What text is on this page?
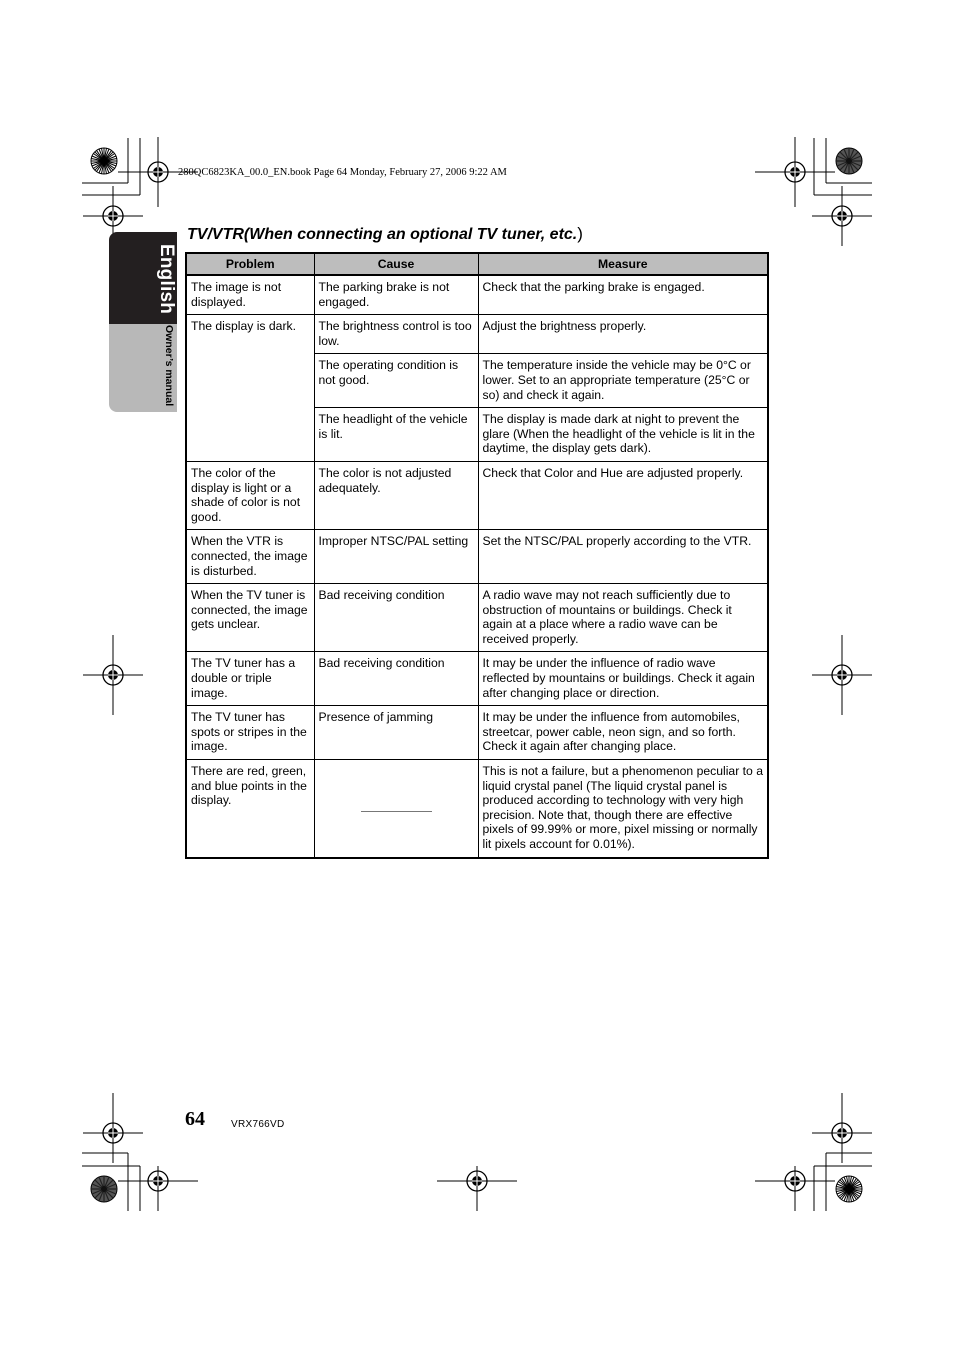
280QC6823KA_00.0_EN.book Page 64 Monday, February 27, 2006 9:22 AM
English
Owner’s manual
TV/VTR(When connecting an optional TV tuner, etc.)
Problem	Cause	Measure
The image is not displayed.	The parking brake is not engaged.	Check that the parking brake is engaged.
The display is dark.	The brightness control is too low.	Adjust the brightness properly.
	The operating condition is not good.	The temperature inside the vehicle may be 0°C or lower. Set to an appropriate temperature (25°C or so) and check it again.
	The headlight of the vehicle is lit.	The display is made dark at night to prevent the glare (When the headlight of the vehicle is lit in the daytime, the display gets dark).
The color of the display is light or a shade of color is not good.	The color is not adjusted adequately.	Check that Color and Hue are adjusted properly.
When the VTR is connected, the image is disturbed.	Improper NTSC/PAL setting	Set the NTSC/PAL properly according to the VTR.
When the TV tuner is connected, the image gets unclear.	Bad receiving condition	A radio wave may not reach sufficiently due to obstruction of mountains or buildings. Check it again at a place where a radio wave can be received properly.
The TV tuner has a double or triple image.	Bad receiving condition	It may be under the influence of radio wave reflected by mountains or buildings. Check it again after changing place or direction.
The TV tuner has spots or stripes in the image.	Presence of jamming	It may be under the influence from automobiles, streetcar, power cable, neon sign, and so forth. Check it again after changing place.
There are red, green, and blue points in the display.		This is not a failure, but a phenomenon peculiar to a liquid crystal panel (The liquid crystal panel is produced according to technology with very high precision. Note that, though there are effective pixels of 99.99% or more, pixel missing or normally lit pixels account for 0.01%).
64	VRX766VD
